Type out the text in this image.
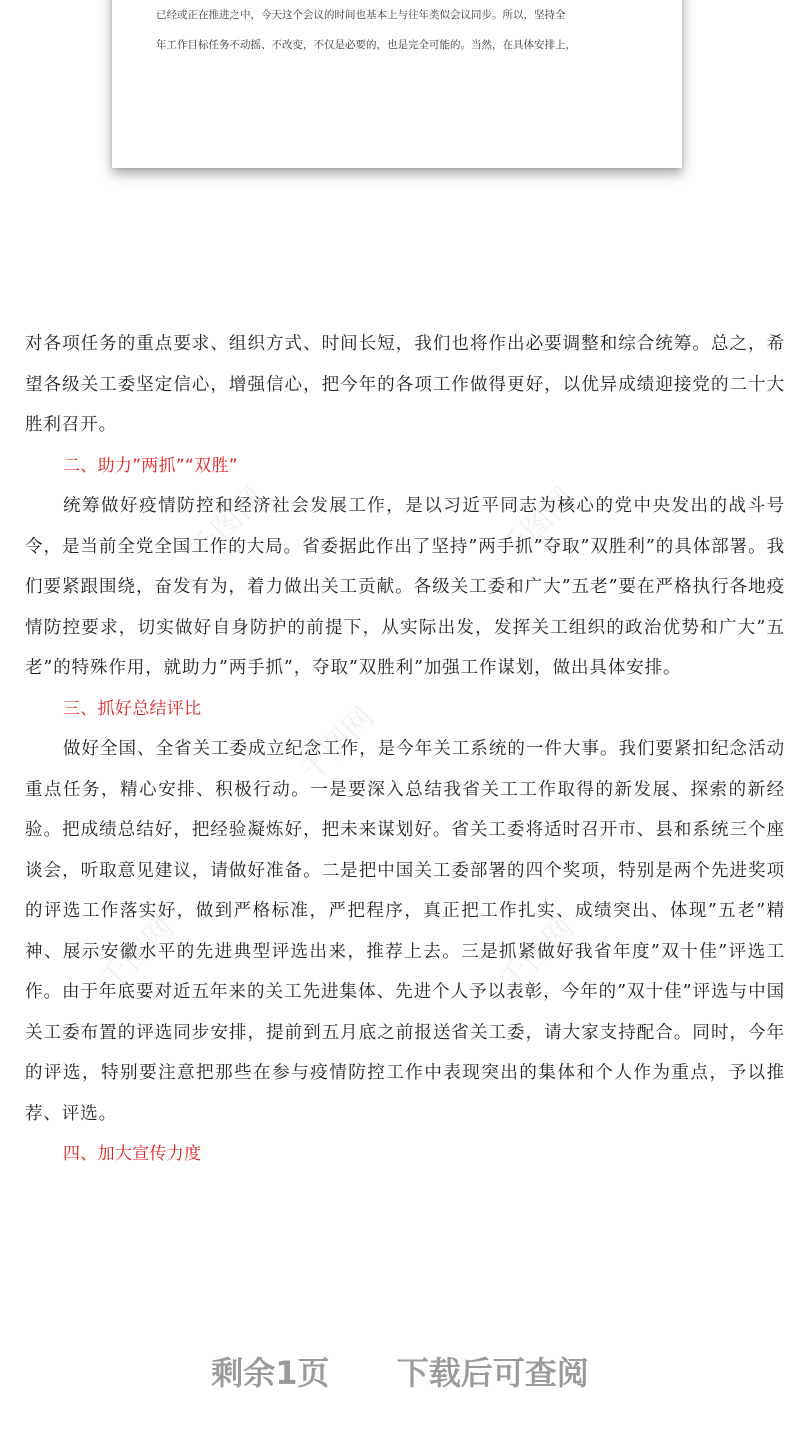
已经或正在推进之中，今天这个会议的时间也基本上与往年类似会议同步。所以，坚持全
年工作目标任务不动摇、不改变，不仅是必要的，也是完全可能的。当然，在具体安排上，
千图网	千图网
千图网
千图网	千图网

对各项任务的重点要求、组织方式、时间长短，我们也将作出必要调整和综合统筹。总之，希望各级关工委坚定信心，增强信心，把今年的各项工作做得更好，以优异成绩迎接党的二十大胜利召开。

二、助力”两抓”“双胜”

统筹做好疫情防控和经济社会发展工作，是以习近平同志为核心的党中央发出的战斗号令，是当前全党全国工作的大局。省委据此作出了坚持”两手抓”夺取”双胜利”的具体部署。我们要紧跟围绕，奋发有为，着力做出关工贡献。各级关工委和广大”五老”要在严格执行各地疫情防控要求，切实做好自身防护的前提下，从实际出发，发挥关工组织的政治优势和广大”五老”的特殊作用，就助力”两手抓”，夺取”双胜利”加强工作谋划，做出具体安排。

三、抓好总结评比

做好全国、全省关工委成立纪念工作，是今年关工系统的一件大事。我们要紧扣纪念活动重点任务，精心安排、积极行动。一是要深入总结我省关工工作取得的新发展、探索的新经验。把成绩总结好，把经验凝炼好，把未来谋划好。省关工委将适时召开市、县和系统三个座谈会，听取意见建议，请做好准备。二是把中国关工委部署的四个奖项，特别是两个先进奖项的评选工作落实好，做到严格标准，严把程序，真正把工作扎实、成绩突出、体现”五老”精神、展示安徽水平的先进典型评选出来，推荐上去。三是抓紧做好我省年度”双十佳”评选工作。由于年底要对近五年来的关工先进集体、先进个人予以表彰，今年的”双十佳”评选与中国关工委布置的评选同步安排，提前到五月底之前报送省关工委，请大家支持配合。同时，今年的评选，特别要注意把那些在参与疫情防控工作中表现突出的集体和个人作为重点，予以推荐、评选。

四、加大宣传力度

剩余1页 下载后可查阅
